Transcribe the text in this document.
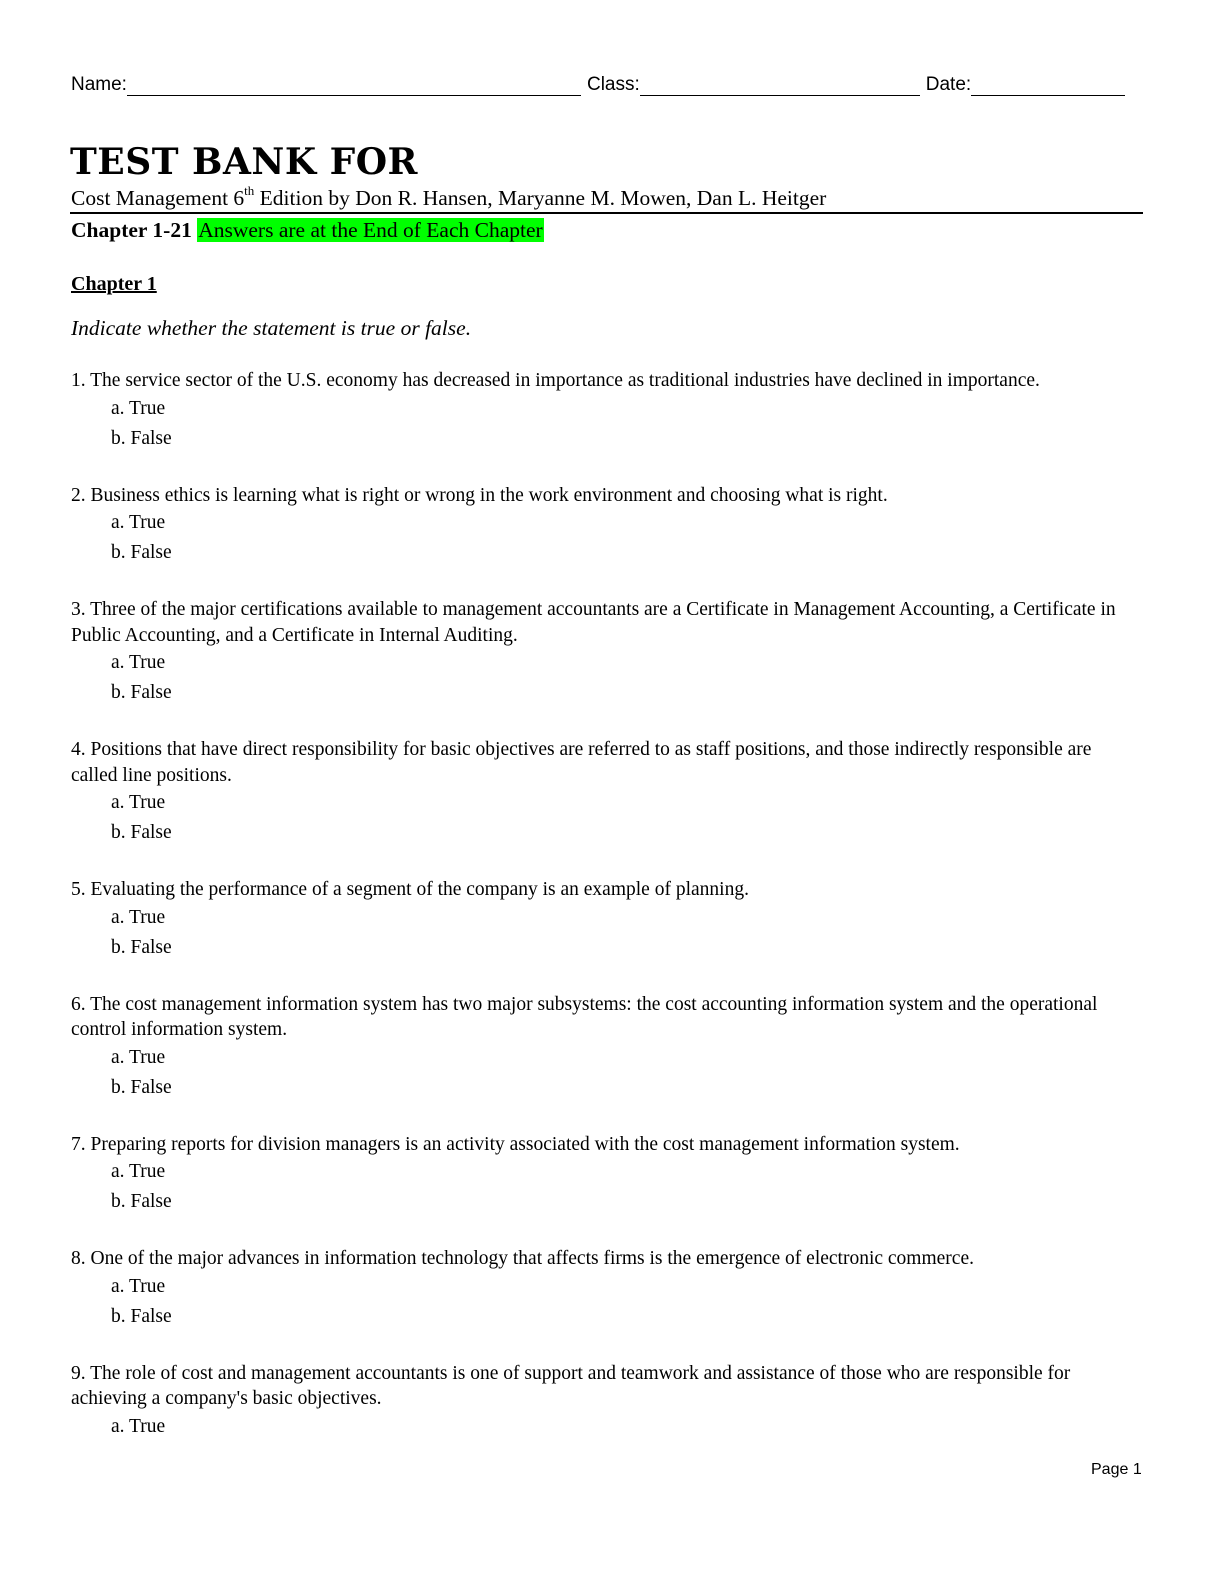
Name:	Class:	Date:
TEST BANK FOR
Cost Management 6th Edition by Don R. Hansen, Maryanne M. Mowen, Dan L. Heitger
Chapter 1-21 Answers are at the End of Each Chapter
Chapter 1
Indicate whether the statement is true or false.

1. The service sector of the U.S. economy has decreased in importance as traditional industries have declined in importance.

a. True
b. False

2. Business ethics is learning what is right or wrong in the work environment and choosing what is right.

a. True
b. False

3. Three of the major certifications available to management accountants are a Certificate in Management Accounting, a Certificate in Public Accounting, and a Certificate in Internal Auditing.

a. True
b. False

4. Positions that have direct responsibility for basic objectives are referred to as staff positions, and those indirectly responsible are called line positions.

a. True
b. False

5. Evaluating the performance of a segment of the company is an example of planning.

a. True
b. False

6. The cost management information system has two major subsystems: the cost accounting information system and the operational control information system.

a. True
b. False

7. Preparing reports for division managers is an activity associated with the cost management information system.

a. True
b. False

8. One of the major advances in information technology that affects firms is the emergence of electronic commerce.

a. True
b. False

9. The role of cost and management accountants is one of support and teamwork and assistance of those who are responsible for achieving a company's basic objectives.

a. True
Page 1
